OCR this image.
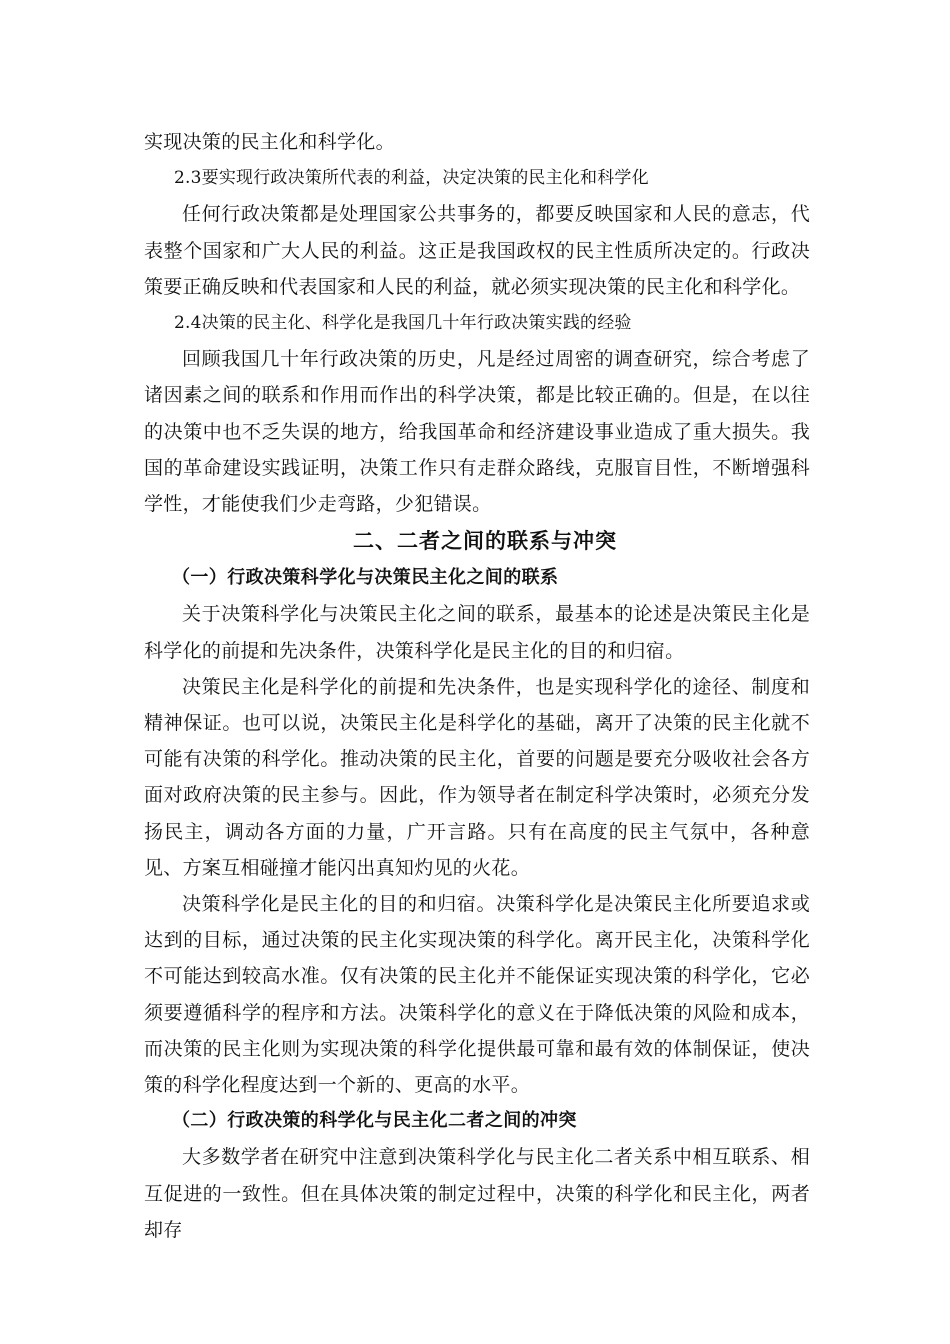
实现决策的民主化和科学化。

2.3要实现行政决策所代表的利益，决定决策的民主化和科学化

任何行政决策都是处理国家公共事务的，都要反映国家和人民的意志，代表整个国家和广大人民的利益。这正是我国政权的民主性质所决定的。行政决策要正确反映和代表国家和人民的利益，就必须实现决策的民主化和科学化。

2.4决策的民主化、科学化是我国几十年行政决策实践的经验

回顾我国几十年行政决策的历史，凡是经过周密的调查研究，综合考虑了诸因素之间的联系和作用而作出的科学决策，都是比较正确的。但是，在以往的决策中也不乏失误的地方，给我国革命和经济建设事业造成了重大损失。我国的革命建设实践证明，决策工作只有走群众路线，克服盲目性，不断增强科学性，才能使我们少走弯路，少犯错误。

二、二者之间的联系与冲突

（一）行政决策科学化与决策民主化之间的联系

关于决策科学化与决策民主化之间的联系，最基本的论述是决策民主化是科学化的前提和先决条件，决策科学化是民主化的目的和归宿。

决策民主化是科学化的前提和先决条件，也是实现科学化的途径、制度和精神保证。也可以说，决策民主化是科学化的基础，离开了决策的民主化就不可能有决策的科学化。推动决策的民主化，首要的问题是要充分吸收社会各方面对政府决策的民主参与。因此，作为领导者在制定科学决策时，必须充分发扬民主，调动各方面的力量，广开言路。只有在高度的民主气氛中，各种意见、方案互相碰撞才能闪出真知灼见的火花。

决策科学化是民主化的目的和归宿。决策科学化是决策民主化所要追求或达到的目标，通过决策的民主化实现决策的科学化。离开民主化，决策科学化不可能达到较高水准。仅有决策的民主化并不能保证实现决策的科学化，它必须要遵循科学的程序和方法。决策科学化的意义在于降低决策的风险和成本，而决策的民主化则为实现决策的科学化提供最可靠和最有效的体制保证，使决策的科学化程度达到一个新的、更高的水平。

（二）行政决策的科学化与民主化二者之间的冲突

大多数学者在研究中注意到决策科学化与民主化二者关系中相互联系、相互促进的一致性。但在具体决策的制定过程中，决策的科学化和民主化，两者却存
